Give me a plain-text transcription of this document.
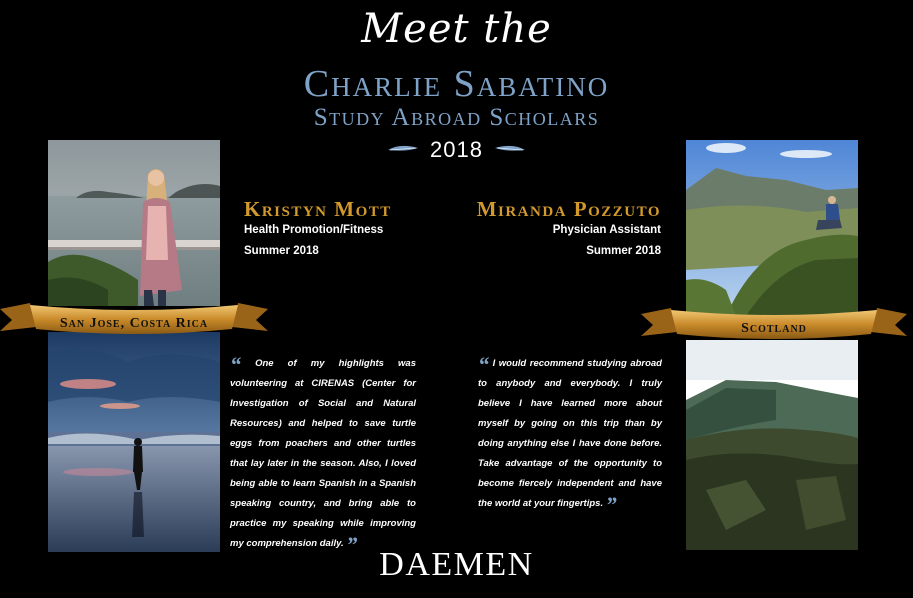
Meet the
Charlie Sabatino
Study Abroad Scholars
2018
San Jose, Costa Rica
Kristyn Mott
Health Promotion/Fitness
Summer 2018
“ One of my highlights was volunteering at CIRENAS (Center for Investigation of Social and Natural Resources) and helped to save turtle eggs from poachers and other turtles that lay later in the season. Also, I loved being able to learn Spanish in a Spanish speaking country, and bring able to practice my speaking while improving my comprehension daily. ”
Miranda Pozzuto
Physician Assistant
Summer 2018
“ I would recommend studying abroad to anybody and everybody. I truly believe I have learned more about myself by going on this trip than by doing anything else I have done before. Take advantage of the opportunity to become fiercely independent and have the world at your fingertips. ”
Scotland
DAEMEN
